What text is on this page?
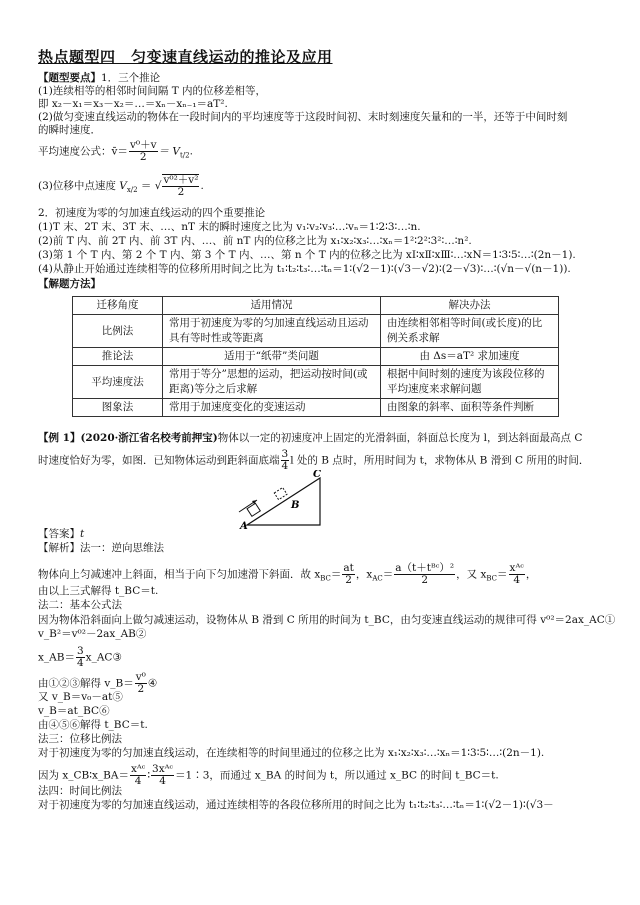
热点题型四　匀变速直线运动的推论及应用
【题型要点】1．三个推论
(1)连续相等的相邻时间间隔 T 内的位移差相等，
即 x₂－x₁＝x₃－x₂＝…＝xₙ－xₙ₋₁＝aT².
(2)做匀变速直线运动的物体在一段时间内的平均速度等于这段时间初、末时刻速度矢量和的一半，还等于中间时刻
的瞬时速度．
平均速度公式：v̄＝ $\frac{\text{v⁰＋v}}{2} = V_{t/2}$.
(3)位移中点速度 $V_{x/2}$ ＝ √ $\frac{\text{v⁰²＋v²}}{2}$ .
2．初速度为零的匀加速直线运动的四个重要推论
(1)T 末、2T 末、3T 末、…、nT 末的瞬时速度之比为 v₁∶v₂∶v₃∶…∶vₙ＝1∶2∶3∶…∶n.
(2)前 T 内、前 2T 内、前 3T 内、…、前 nT 内的位移之比为 x₁∶x₂∶x₃∶…∶xₙ＝1²∶2²∶3²∶…∶n².
(3)第 1 个 T 内、第 2 个 T 内、第 3 个 T 内、…、第 n 个 T 内的位移之比为 xⅠ∶xⅡ∶xⅢ∶…∶xN＝1∶3∶5∶…∶(2n－1).
(4)从静止开始通过连续相等的位移所用时间之比为 t₁∶t₂∶t₃∶…∶tₙ＝1∶(√2－1)∶(√3－√2)∶(2－√3)∶…∶(√n－√(n－1)).
【解题方法】
迁移角度	适用情况	解决办法
比例法	常用于初速度为零的匀加速直线运动且运动具有等时性或等距离	由连续相邻相等时间(或长度)的比例关系求解
推论法	适用于“纸带”类问题	由 Δs＝aT² 求加速度
平均速度法	常用于等分”思想的运动，把运动按时间(或距离)等分之后求解	根据中间时刻的速度为该段位移的平均速度来求解问题
图象法	常用于加速度变化的变速运动	由图象的斜率、面积等条件判断
【例 1】(2020·浙江省名校考前押宝)物体以一定的初速度冲上固定的光滑斜面，斜面总长度为 l，到达斜面最高点 C
时速度恰好为零，如图．已知物体运动到距斜面底端 $\frac{3}{4}$ l 处的 B 点时，所用时间为 t，求物体从 B 滑到 C 所用的时间．
A
B
C
【答案】t
【解析】法一：逆向思维法
物体向上匀减速冲上斜面，相当于向下匀加速滑下斜面．故 $x_{BC}= \frac{at}{2}$ ，$x_{AC}= \frac{\text{a（t＋tᴮᶜ）²}}{2}$ ，又 $x_{BC}= \frac{\text{xᴬᶜ}}{4}$ ，
由以上三式解得 t_BC＝t.
法二：基本公式法
因为物体沿斜面向上做匀减速运动，设物体从 B 滑到 C 所用的时间为 t_BC，由匀变速直线运动的规律可得 v⁰²＝2ax_AC①
v_B²＝v⁰²－2ax_AB②
x_AB＝ $\frac{3}{4}$ x_AC③
由①②③解得 v_B＝ $\frac{\text{v⁰}}{2}$ ④
又 v_B＝v₀－at⑤
v_B＝at_BC⑥
由④⑤⑥解得 t_BC＝t.
法三：位移比例法
对于初速度为零的匀加速直线运动，在连续相等的时间里通过的位移之比为 x₁∶x₂∶x₃∶…∶xₙ＝1∶3∶5∶…∶(2n－1).
因为 x_CB∶x_BA＝ $\frac{\text{xᴬᶜ}}{4}$ ∶ $\frac{\text{3xᴬᶜ}}{4}$ ＝1∶3，而通过 x_BA 的时间为 t，所以通过 x_BC 的时间 t_BC＝t.
法四：时间比例法
对于初速度为零的匀加速直线运动，通过连续相等的各段位移所用的时间之比为 t₁∶t₂∶t₃∶…∶tₙ＝1∶(√2－1)∶(√3－
